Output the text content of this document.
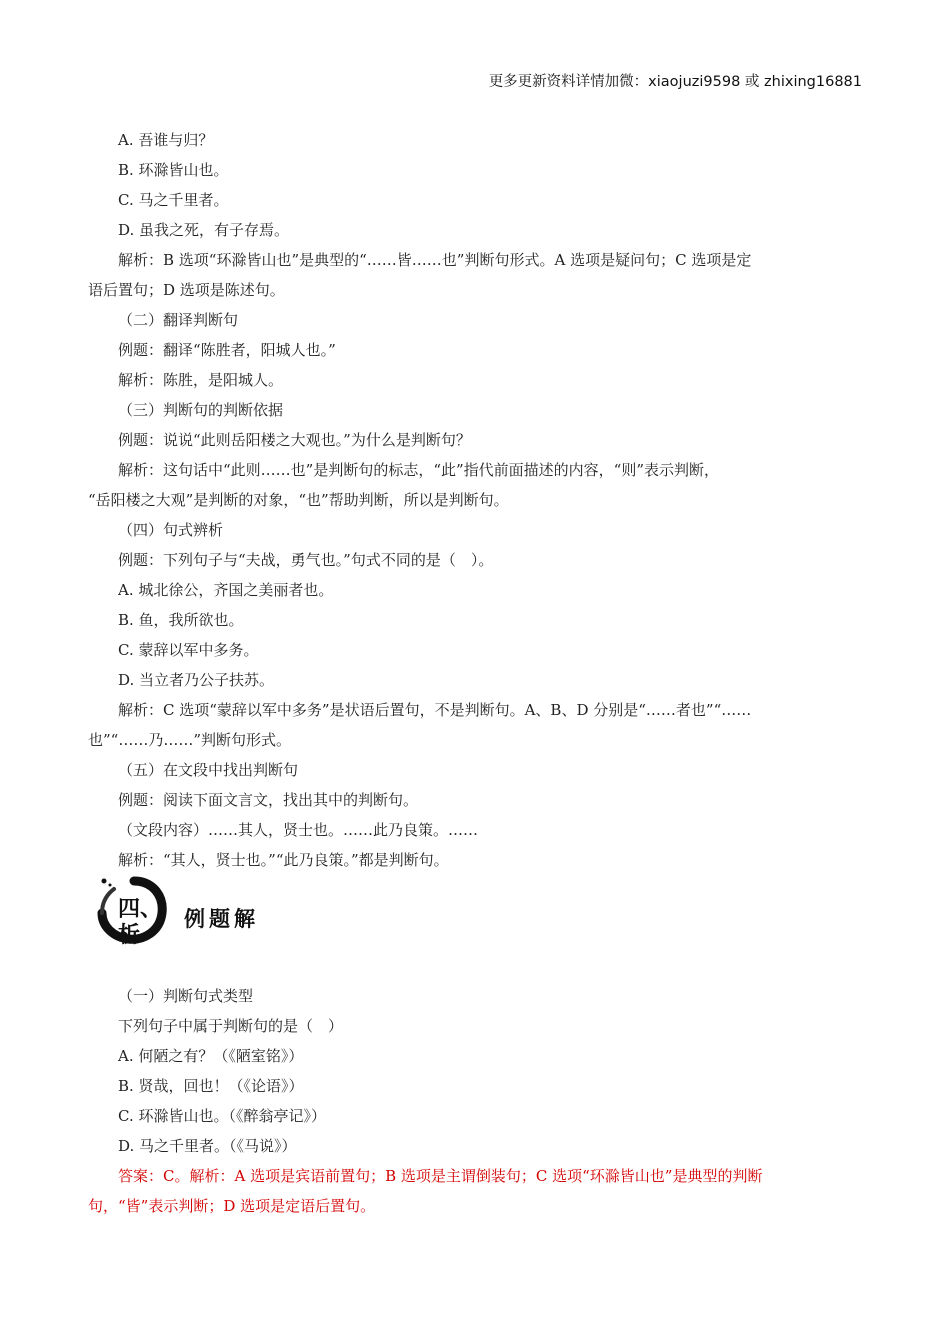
更多更新资料详情加微：xiaojuzi9598 或 zhixing16881

A. 吾谁与归？

B. 环滁皆山也。

C. 马之千里者。

D. 虽我之死，有子存焉。

解析：B 选项“环滁皆山也”是典型的“……皆……也”判断句形式。A 选项是疑问句；C 选项是定

语后置句；D 选项是陈述句。

（二）翻译判断句

例题：翻译“陈胜者，阳城人也。”

解析：陈胜，是阳城人。

（三）判断句的判断依据

例题：说说“此则岳阳楼之大观也。”为什么是判断句？

解析：这句话中“此则……也”是判断句的标志，“此”指代前面描述的内容，“则”表示判断，

“岳阳楼之大观”是判断的对象，“也”帮助判断，所以是判断句。

（四）句式辨析

例题：下列句子与“夫战，勇气也。”句式不同的是（　）。

A. 城北徐公，齐国之美丽者也。

B. 鱼，我所欲也。

C. 蒙辞以军中多务。

D. 当立者乃公子扶苏。

解析：C 选项“蒙辞以军中多务”是状语后置句，不是判断句。A、B、D 分别是“……者也”“……

也”“……乃……”判断句形式。

（五）在文段中找出判断句

例题：阅读下面文言文，找出其中的判断句。

（文段内容）……其人，贤士也。……此乃良策。……

解析：“其人，贤士也。”“此乃良策。”都是判断句。

四、析
例题解

（一）判断句式类型

下列句子中属于判断句的是（　）

A. 何陋之有？（《陋室铭》）

B. 贤哉，回也！（《论语》）

C. 环滁皆山也。（《醉翁亭记》）

D. 马之千里者。（《马说》）

答案：C。解析：A 选项是宾语前置句；B 选项是主谓倒装句；C 选项“环滁皆山也”是典型的判断

句，“皆”表示判断；D 选项是定语后置句。
